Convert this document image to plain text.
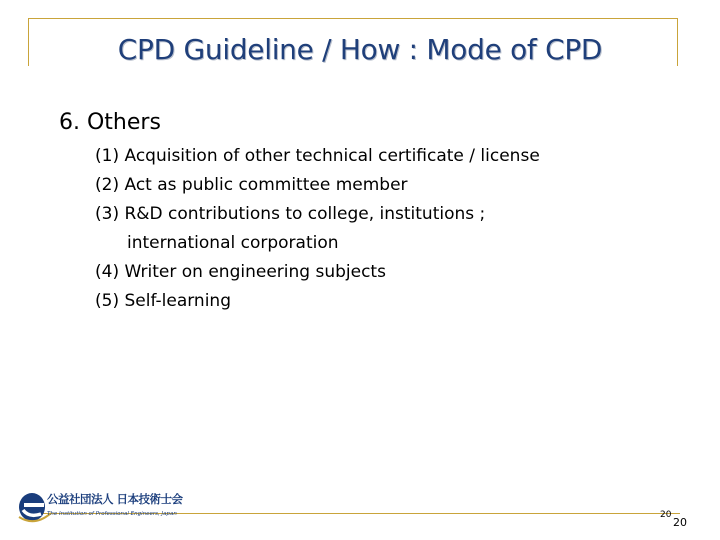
CPD Guideline / How : Mode of CPD
6. Others
(1) Acquisition of other technical certificate / license
(2) Act as public committee member
(3) R&D contributions to college, institutions ;
international corporation
(4) Writer on engineering subjects
(5) Self-learning
公益社団法人 日本技術士会
The Institution of Professional Engineers, Japan	20
20
